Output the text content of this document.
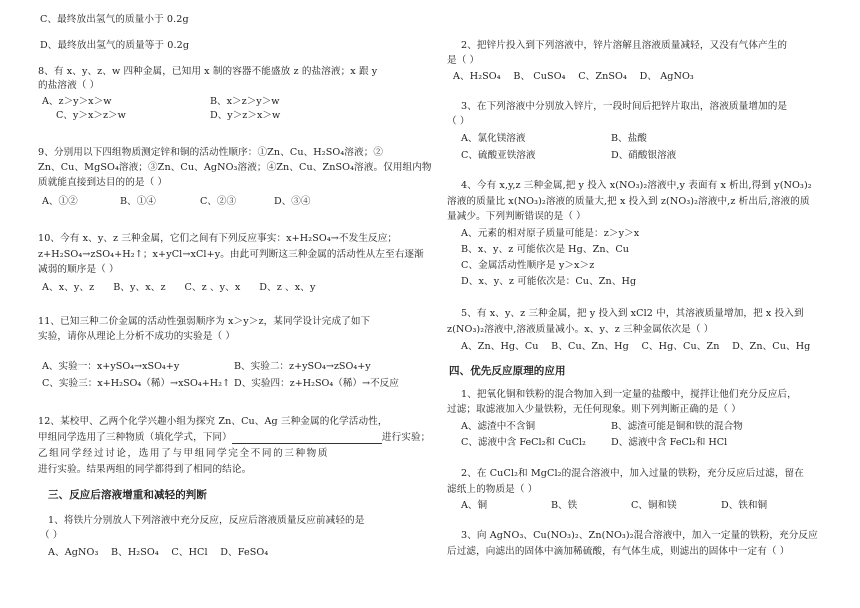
C、最终放出氢气的质量小于 0.2g
D、最终放出氢气的质量等于 0.2g
8、有 x、y、z、w 四种金属，已知用 x 制的容器不能盛放 z 的盐溶液；x 跟 y
的盐溶液（ ）
A、z＞y＞x＞w	B、x＞z＞y＞w
C、y＞x＞z＞w	D、y＞z＞x＞w
9、分别用以下四组物质测定锌和铜的活动性顺序：①Zn、Cu、H₂SO₄溶液；②
Zn、Cu、MgSO₄溶液；③Zn、Cu、AgNO₃溶液；④Zn、Cu、ZnSO₄溶液。仅用组内物
质就能直接到达目的的是（ ）
A、①②	B、①④	C、②③	D、③④
10、今有 x、y、z 三种金属，它们之间有下列反应事实：x+H₂SO₄→不发生反应；
z+H₂SO₄→zSO₄+H₂↑；x+yCl→xCl+y。由此可判断这三种金属的活动性从左至右逐渐
减弱的顺序是（ ）
A、x、y、z      B、y、x、z      C、z 、y、x      D、z 、x、y
11、已知三种二价金属的活动性强弱顺序为 x＞y＞z，某同学设计完成了如下
实验，请你从理论上分析不成功的实验是（ ）
A、实验一：x+ySO₄→xSO₄+y	B、实验二：z+ySO₄→zSO₄+y
C、实验三：x+H₂SO₄（稀）→xSO₄+H₂↑ D、实验四：z+H₂SO₄（稀）→不反应
12、某校甲、乙两个化学兴趣小组为探究 Zn、Cu、Ag 三种金属的化学活动性，
甲组同学选用了三种物质（填化学式，下同）	进行实验；
乙组同学经过讨论，选用了与甲组同学完全不同的三种物质
进行实验。结果两组的同学都得到了相同的结论。
三、反应后溶液增重和减轻的判断
1、将铁片分别放人下列溶液中充分反应，反应后溶液质量反应前减轻的是
（ ）
A、AgNO₃    B、H₂SO₄    C、HCl    D、FeSO₄
2、把锌片投入到下列溶液中，锌片溶解且溶液质量减轻，又没有气体产生的
是（ ）
A、H₂SO₄    B、 CuSO₄    C、ZnSO₄    D、 AgNO₃
3、在下列溶液中分别放入锌片，一段时间后把锌片取出，溶液质量增加的是
（ ）
A、氯化镁溶液	B、盐酸
C、硫酸亚铁溶液	D、硝酸银溶液
4、今有 x,y,z 三种金属,把 y 投入 x(NO₃)₂溶液中,y 表面有 x 析出,得到 y(NO₃)₂
溶液的质量比 x(NO₃)₂溶液的质量大,把 x 投入到 z(NO₃)₂溶液中,z 析出后,溶液的质
量减少。下列判断错误的是（ ）
A、元素的相对原子质量可能是：z＞y＞x
B、x、y、z 可能依次是 Hg、Zn、Cu
C、金属活动性顺序是 y＞x＞z
D、x、y、z 可能依次是：Cu、Zn、Hg
5、有 x、y、z 三种金属，把 y 投入到 xCl2 中，其溶液质量增加，把 x 投入到
z(NO₃)₂溶液中,溶液质量减小。x、y、z 三种金属依次是（ ）
A、Zn、Hg、Cu    B、Cu、Zn、Hg    C、Hg、Cu、Zn    D、Zn、Cu、Hg
四、优先反应原理的应用
1、把氧化铜和铁粉的混合物加入到一定量的盐酸中，搅拌让他们充分反应后，
过滤；取滤液加入少量铁粉，无任何现象。则下列判断正确的是（ ）
A、滤渣中不含铜	B、滤渣可能是铜和铁的混合物
C、滤液中含 FeCl₂和 CuCl₂	D、滤液中含 FeCl₂和 HCl
2、在 CuCl₂和 MgCl₂的混合溶液中，加入过量的铁粉，充分反应后过滤，留在
滤纸上的物质是（ ）
A、铜	B、铁	C、铜和镁	D、铁和铜
3、向 AgNO₃、Cu(NO₃)₂、Zn(NO₃)₂混合溶液中，加入一定量的铁粉，充分反应
后过滤，向滤出的固体中滴加稀硫酸，有气体生成，则滤出的固体中一定有（ ）
